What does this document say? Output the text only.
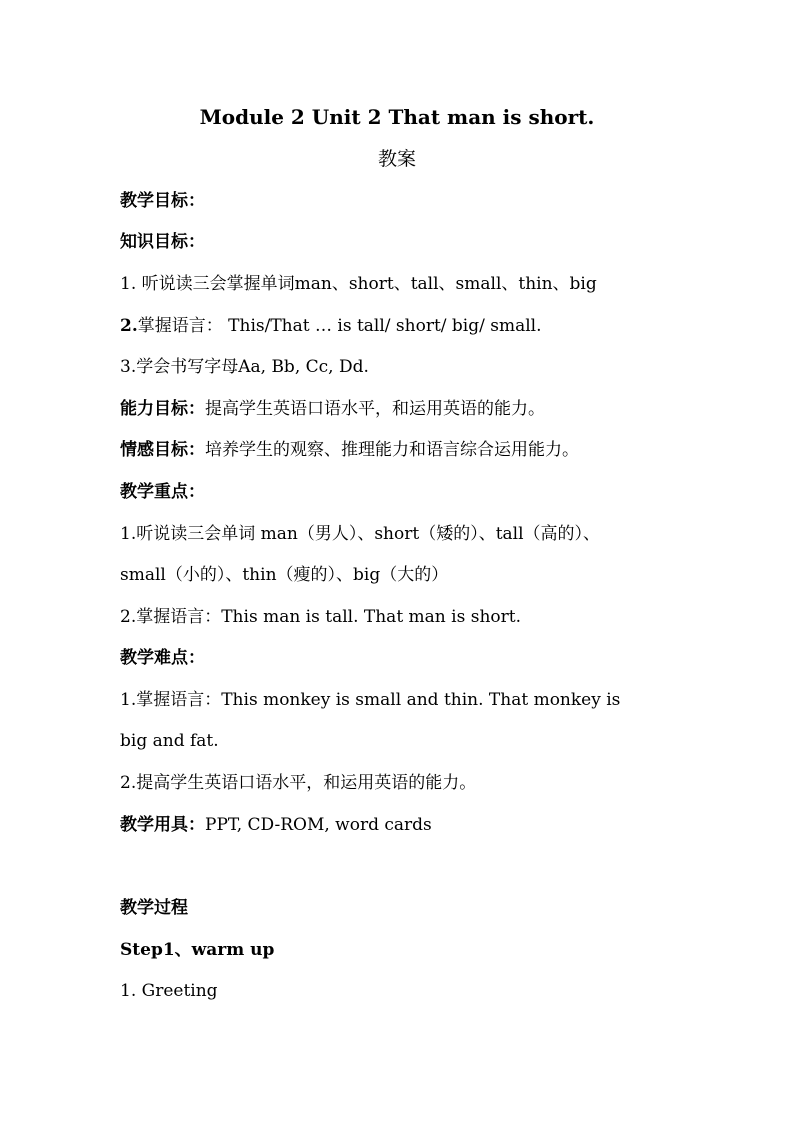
Module 2 Unit 2 That man is short.
教案
教学目标：
知识目标：
1. 听说读三会掌握单词man、short、tall、small、thin、big
2.掌握语言： This/That … is tall/ short/ big/ small.
3.学会书写字母Aa, Bb, Cc, Dd.
能力目标：提高学生英语口语水平，和运用英语的能力。
情感目标：培养学生的观察、推理能力和语言综合运用能力。
教学重点：
1.听说读三会单词 man（男人）、short（矮的）、tall（高的）、
small（小的）、thin（瘦的）、big（大的）
2.掌握语言：This man is tall. That man is short.
教学难点：
1.掌握语言：This monkey is small and thin. That monkey is
big and fat.
2.提高学生英语口语水平，和运用英语的能力。
教学用具：PPT, CD-ROM, word cards
教学过程
Step1、warm up
1. Greeting
